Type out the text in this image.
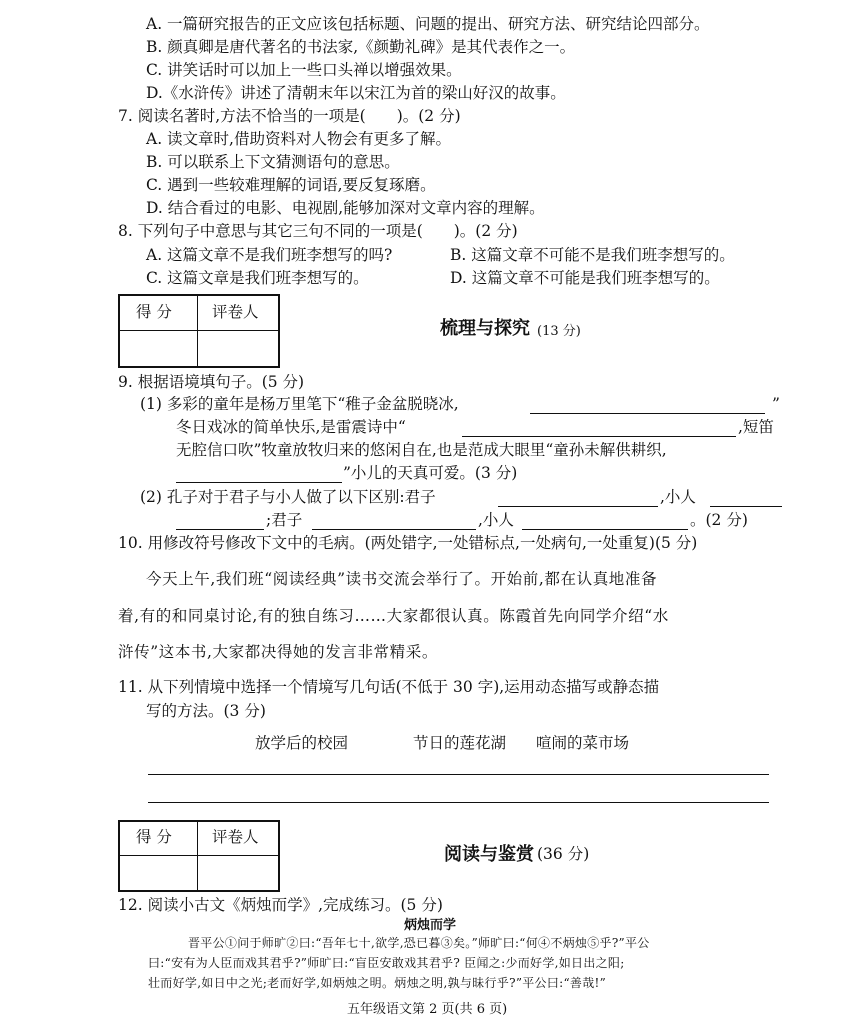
A. 一篇研究报告的正文应该包括标题、问题的提出、研究方法、研究结论四部分。
B. 颜真卿是唐代著名的书法家,《颜勤礼碑》是其代表作之一。
C. 讲笑话时可以加上一些口头禅以增强效果。
D.《水浒传》讲述了清朝末年以宋江为首的梁山好汉的故事。
7. 阅读名著时,方法不恰当的一项是(　　)。(2 分)
A. 读文章时,借助资料对人物会有更多了解。
B. 可以联系上下文猜测语句的意思。
C. 遇到一些较难理解的词语,要反复琢磨。
D. 结合看过的电影、电视剧,能够加深对文章内容的理解。
8. 下列句子中意思与其它三句不同的一项是(　　)。(2 分)
A. 这篇文章不是我们班李想写的吗?	B. 这篇文章不可能不是我们班李想写的。
C. 这篇文章是我们班李想写的。	D. 这篇文章不可能是我们班李想写的。
得 分	评卷人
梳理与探究 (13 分)
9. 根据语境填句子。(5 分)
(1) 多彩的童年是杨万里笔下“稚子金盆脱晓冰,	”
冬日戏冰的简单快乐,是雷震诗中“	,短笛
无腔信口吹”牧童放牧归来的悠闲自在,也是范成大眼里“童孙未解供耕织,
”小儿的天真可爱。(3 分)
(2) 孔子对于君子与小人做了以下区别:君子	,小人
;君子	,小人	。(2 分)
10. 用修改符号修改下文中的毛病。(两处错字,一处错标点,一处病句,一处重复)(5 分)
今天上午,我们班“阅读经典”读书交流会举行了。开始前,都在认真地准备
着,有的和同桌讨论,有的独自练习……大家都很认真。陈霞首先向同学介绍“水
浒传”这本书,大家都决得她的发言非常精采。
11. 从下列情境中选择一个情境写几句话(不低于 30 字),运用动态描写或静态描
写的方法。(3 分)
放学后的校园	节日的莲花湖 喧闹的菜市场
得 分	评卷人
阅读与鉴赏 (36 分)
12. 阅读小古文《炳烛而学》,完成练习。(5 分)
炳烛而学
晋平公①问于师旷②曰:“吾年七十,欲学,恐已暮③矣。”师旷曰:“何④不炳烛⑤乎?”平公
曰:“安有为人臣而戏其君乎?”师旷曰:“盲臣安敢戏其君乎? 臣闻之:少而好学,如日出之阳;
壮而好学,如日中之光;老而好学,如炳烛之明。炳烛之明,孰与昧行乎?”平公曰:“善哉!”
五年级语文第 2 页(共 6 页)
